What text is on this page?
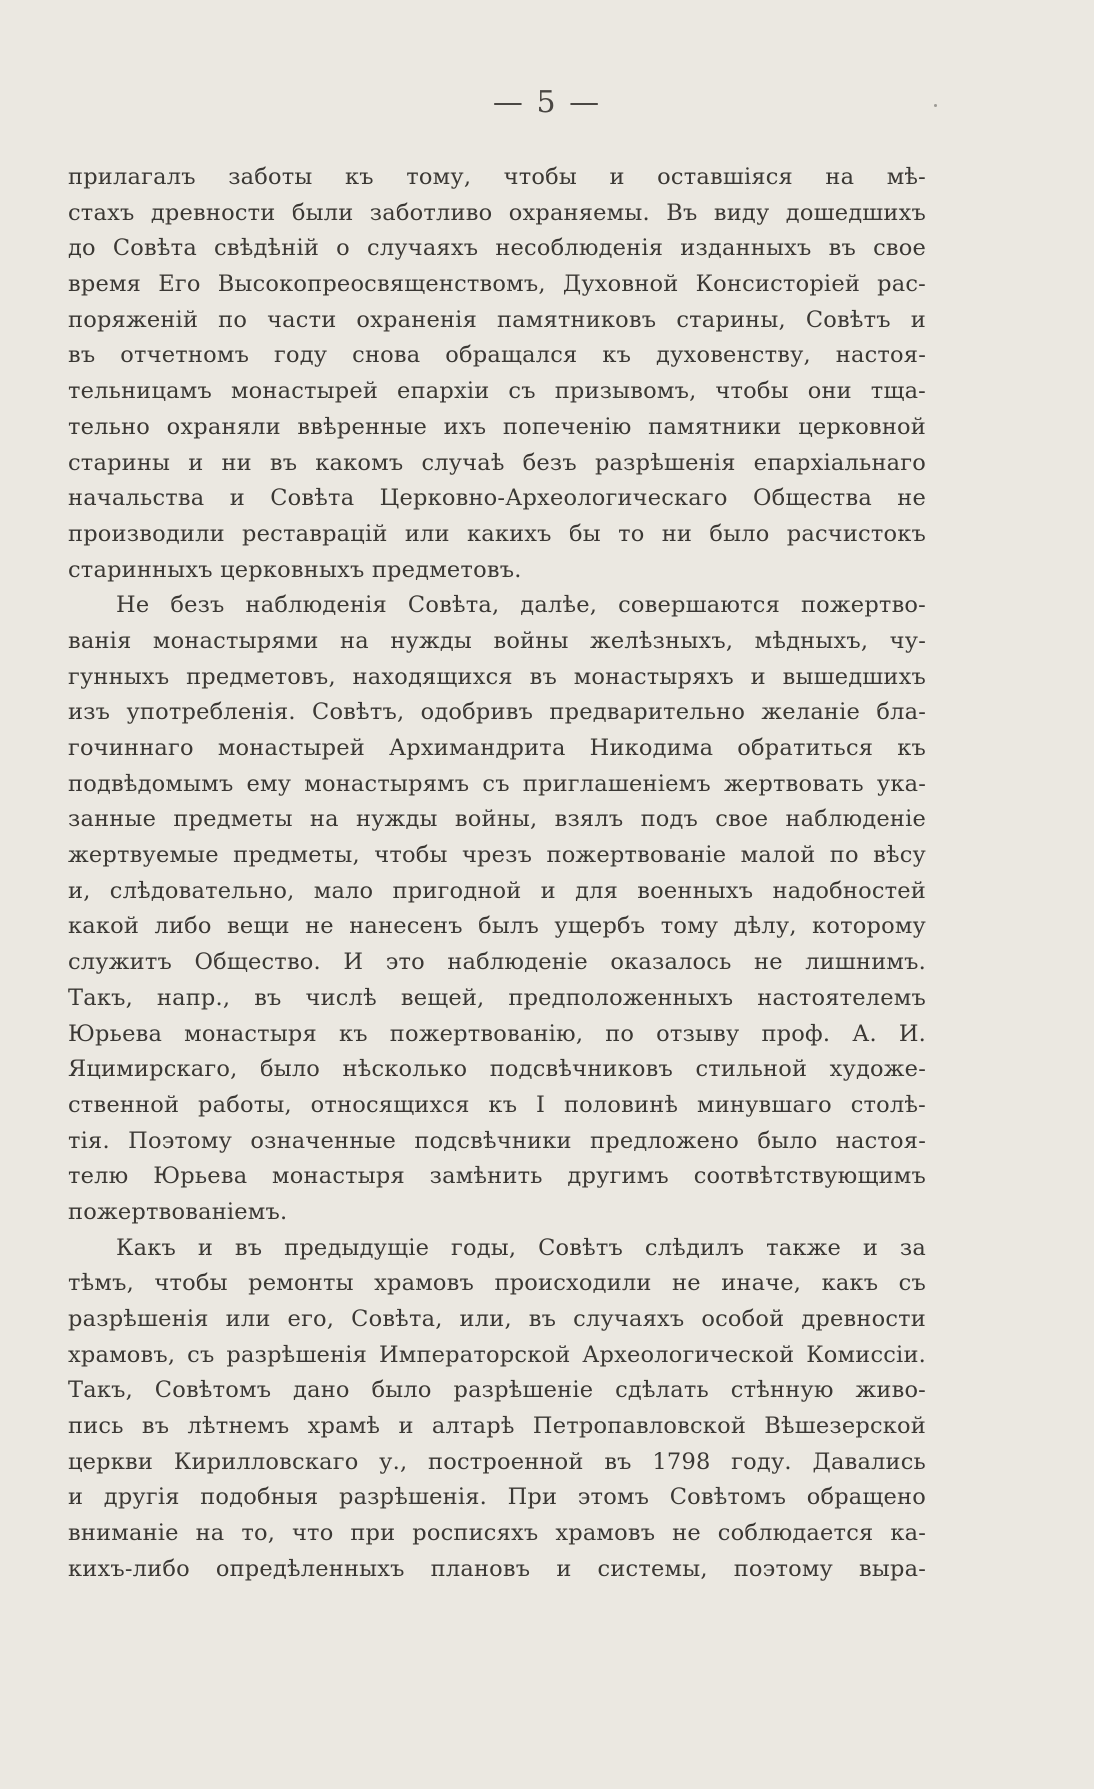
— 5 —
прилагалъ заботы къ тому, чтобы и оставшіяся на мѣ-
стахъ древности были заботливо охраняемы. Въ виду дошедшихъ
до Совѣта свѣдѣній о случаяхъ несоблюденія изданныхъ въ свое
время Его Высокопреосвященствомъ, Духовной Консисторіей рас-
поряженій по части охраненія памятниковъ старины, Совѣтъ и
въ отчетномъ году снова обращался къ духовенству, настоя-
тельницамъ монастырей епархіи съ призывомъ, чтобы они тща-
тельно охраняли ввѣренные ихъ попеченію памятники церковной
старины и ни въ какомъ случаѣ безъ разрѣшенія епархіальнаго
начальства и Совѣта Церковно-Археологическаго Общества не
производили реставрацій или какихъ бы то ни было расчистокъ
старинныхъ церковныхъ предметовъ.
Не безъ наблюденія Совѣта, далѣе, совершаются пожертво-
ванія монастырями на нужды войны желѣзныхъ, мѣдныхъ, чу-
гунныхъ предметовъ, находящихся въ монастыряхъ и вышедшихъ
изъ употребленія. Совѣтъ, одобривъ предварительно желаніе бла-
гочиннаго монастырей Архимандрита Никодима обратиться къ
подвѣдомымъ ему монастырямъ съ приглашеніемъ жертвовать ука-
занные предметы на нужды войны, взялъ подъ свое наблюденіе
жертвуемые предметы, чтобы чрезъ пожертвованіе малой по вѣсу
и, слѣдовательно, мало пригодной и для военныхъ надобностей
какой либо вещи не нанесенъ былъ ущербъ тому дѣлу, которому
служитъ Общество. И это наблюденіе оказалось не лишнимъ.
Такъ, напр., въ числѣ вещей, предположенныхъ настоятелемъ
Юрьева монастыря къ пожертвованію, по отзыву проф. А. И.
Яцимирскаго, было нѣсколько подсвѣчниковъ стильной художе-
ственной работы, относящихся къ I половинѣ минувшаго столѣ-
тія. Поэтому означенные подсвѣчники предложено было настоя-
телю Юрьева монастыря замѣнить другимъ соотвѣтствующимъ
пожертвованіемъ.
Какъ и въ предыдущіе годы, Совѣтъ слѣдилъ также и за
тѣмъ, чтобы ремонты храмовъ происходили не иначе, какъ съ
разрѣшенія или его, Совѣта, или, въ случаяхъ особой древности
храмовъ, съ разрѣшенія Императорской Археологической Комиссіи.
Такъ, Совѣтомъ дано было разрѣшеніе сдѣлать стѣнную живо-
пись въ лѣтнемъ храмѣ и алтарѣ Петропавловской Вѣшезерской
церкви Кирилловскаго у., построенной въ 1798 году. Давались
и другія подобныя разрѣшенія. При этомъ Совѣтомъ обращено
вниманіе на то, что при росписяхъ храмовъ не соблюдается ка-
кихъ-либо опредѣленныхъ плановъ и системы, поэтому выра-
